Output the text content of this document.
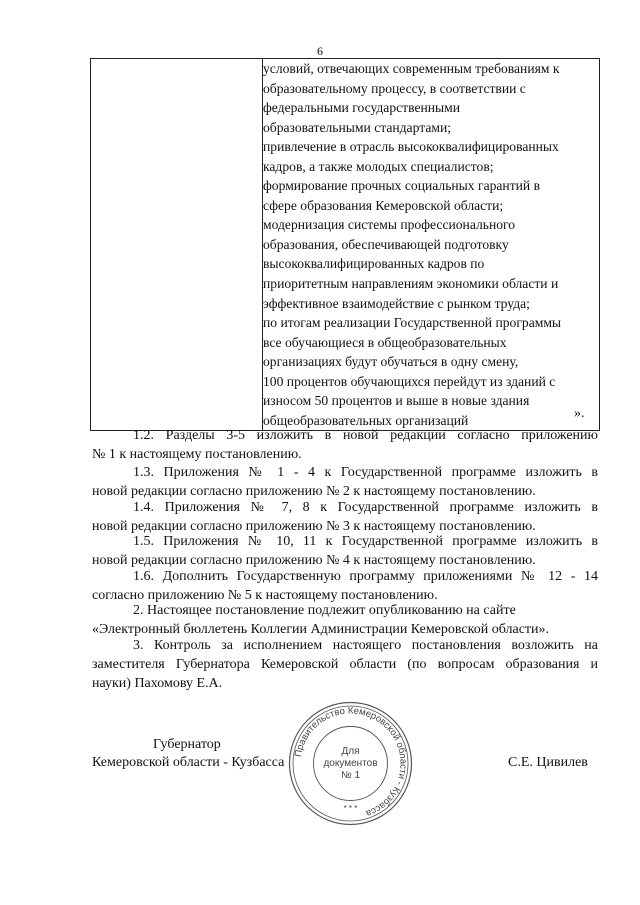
6

условий, отвечающих современным требованиям к
образовательному процессу, в соответствии с
федеральными государственными
образовательными стандартами;
привлечение в отрасль высококвалифицированных
кадров, а также молодых специалистов;
формирование прочных социальных гарантий в
сфере образования Кемеровской области;
модернизация системы профессионального
образования, обеспечивающей подготовку
высококвалифицированных кадров по
приоритетным направлениям экономики области и
эффективное взаимодействие с рынком труда;
по итогам реализации Государственной программы
все обучающиеся в общеобразовательных
организациях будут обучаться в одну смену,
100 процентов обучающихся перейдут из зданий с
износом 50 процентов и выше в новые здания
общеобразовательных организаций	».
1.2. Разделы 3-5 изложить в новой редакции согласно приложению
№ 1 к настоящему постановлению.
1.3. Приложения № 1 - 4 к Государственной программе изложить в
новой редакции согласно приложению № 2 к настоящему постановлению.
1.4. Приложения № 7, 8 к Государственной программе изложить в
новой редакции согласно приложению № 3 к настоящему постановлению.
1.5. Приложения № 10, 11 к Государственной программе изложить в
новой редакции согласно приложению № 4 к настоящему постановлению.
1.6. Дополнить Государственную программу приложениями № 12 - 14
согласно приложению № 5 к настоящему постановлению.
2. Настоящее постановление подлежит опубликованию на сайте
«Электронный бюллетень Коллегии Администрации Кемеровской области».
3. Контроль за исполнением настоящего постановления возложить на
заместителя Губернатора Кемеровской области (по вопросам образования и
науки) Пахомову Е.А.
Губернатор
Кемеровской области - Кузбасса	С.Е. Цивилев
Правительство Кемеровской области - Кузбасса
Для
документов
№ 1
* * *
